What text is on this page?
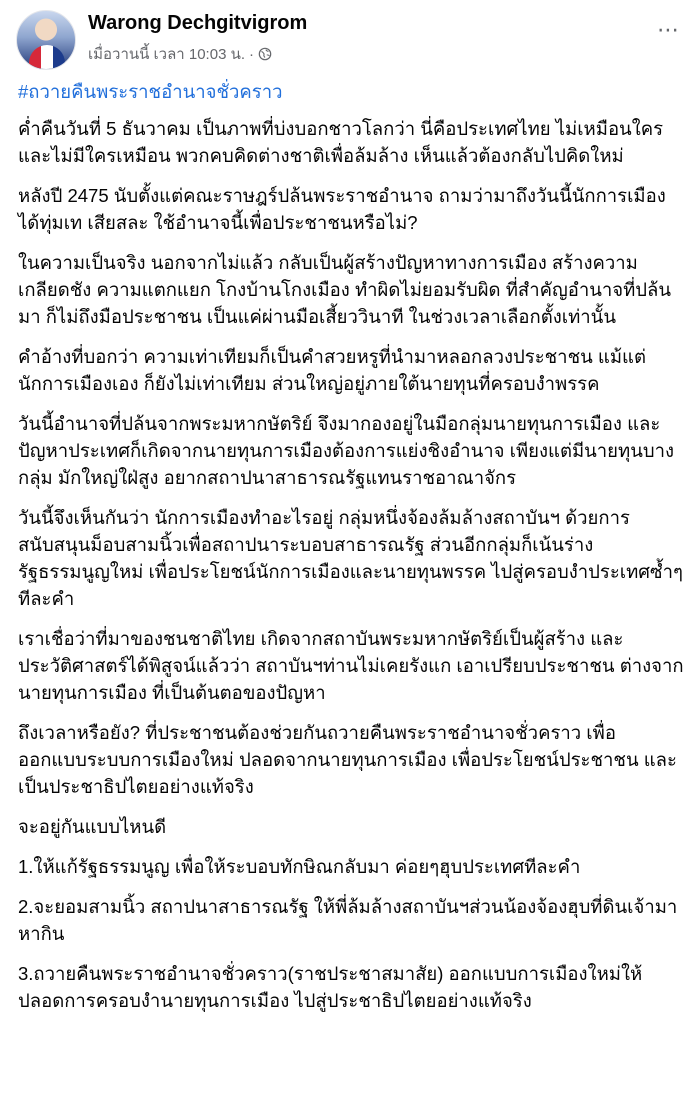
Warong Dechgitvigrom
เมื่อวานนี้ เวลา 10:03 น. ·
⋯
#ถวายคืนพระราชอำนาจชั่วคราว

ค่ำคืนวันที่ 5 ธันวาคม เป็นภาพที่บ่งบอกชาวโลกว่า นี่คือประเทศไทย ไม่เหมือนใครและไม่มีใครเหมือน พวกคบคิดต่างชาติเพื่อล้มล้าง เห็นแล้วต้องกลับไปคิดใหม่

หลังปี 2475 นับตั้งแต่คณะราษฎร์ปล้นพระราชอำนาจ ถามว่ามาถึงวันนี้นักการเมือง ได้ทุ่มเท เสียสละ ใช้อำนาจนี้เพื่อประชาชนหรือไม่?

ในความเป็นจริง นอกจากไม่แล้ว กลับเป็นผู้สร้างปัญหาทางการเมือง สร้างความเกลียดชัง ความแตกแยก โกงบ้านโกงเมือง ทำผิดไม่ยอมรับผิด ที่สำคัญอำนาจที่ปล้นมา ก็ไม่ถึงมือประชาชน เป็นแค่ผ่านมือเสี้ยววินาที ในช่วงเวลาเลือกตั้งเท่านั้น

คำอ้างที่บอกว่า ความเท่าเทียมก็เป็นคำสวยหรูที่นำมาหลอกลวงประชาชน แม้แต่นักการเมืองเอง ก็ยังไม่เท่าเทียม ส่วนใหญ่อยู่ภายใต้นายทุนที่ครอบงำพรรค

วันนี้อำนาจที่ปล้นจากพระมหากษัตริย์ จึงมากองอยู่ในมือกลุ่มนายทุนการเมือง และปัญหาประเทศก็เกิดจากนายทุนการเมืองต้องการแย่งชิงอำนาจ เพียงแต่มีนายทุนบางกลุ่ม มักใหญ่ใฝ่สูง อยากสถาปนาสาธารณรัฐแทนราชอาณาจักร

วันนี้จึงเห็นกันว่า นักการเมืองทำอะไรอยู่ กลุ่มหนึ่งจ้องล้มล้างสถาบันฯ ด้วยการสนับสนุนม็อบสามนิ้วเพื่อสถาปนาระบอบสาธารณรัฐ ส่วนอีกกลุ่มก็เน้นร่างรัฐธรรมนูญใหม่ เพื่อประโยชน์นักการเมืองและนายทุนพรรค ไปสู่ครอบงำประเทศซ้ำๆทีละคำ

เราเชื่อว่าที่มาของชนชาติไทย เกิดจากสถาบันพระมหากษัตริย์เป็นผู้สร้าง และประวัติศาสตร์ได้พิสูจน์แล้วว่า สถาบันฯท่านไม่เคยรังแก เอาเปรียบประชาชน ต่างจากนายทุนการเมือง ที่เป็นต้นตอของปัญหา

ถึงเวลาหรือยัง? ที่ประชาชนต้องช่วยกันถวายคืนพระราชอำนาจชั่วคราว เพื่อออกแบบระบบการเมืองใหม่ ปลอดจากนายทุนการเมือง เพื่อประโยชน์ประชาชน และเป็นประชาธิปไตยอย่างแท้จริง

จะอยู่กันแบบไหนดี

1.ให้แก้รัฐธรรมนูญ เพื่อให้ระบอบทักษิณกลับมา ค่อยๆฮุบประเทศทีละคำ

2.จะยอมสามนิ้ว สถาปนาสาธารณรัฐ ให้พี่ล้มล้างสถาบันฯส่วนน้องจ้องฮุบที่ดินเจ้ามาหากิน

3.ถวายคืนพระราชอำนาจชั่วคราว(ราชประชาสมาสัย) ออกแบบการเมืองใหม่ให้ปลอดการครอบงำนายทุนการเมือง ไปสู่ประชาธิปไตยอย่างแท้จริง
